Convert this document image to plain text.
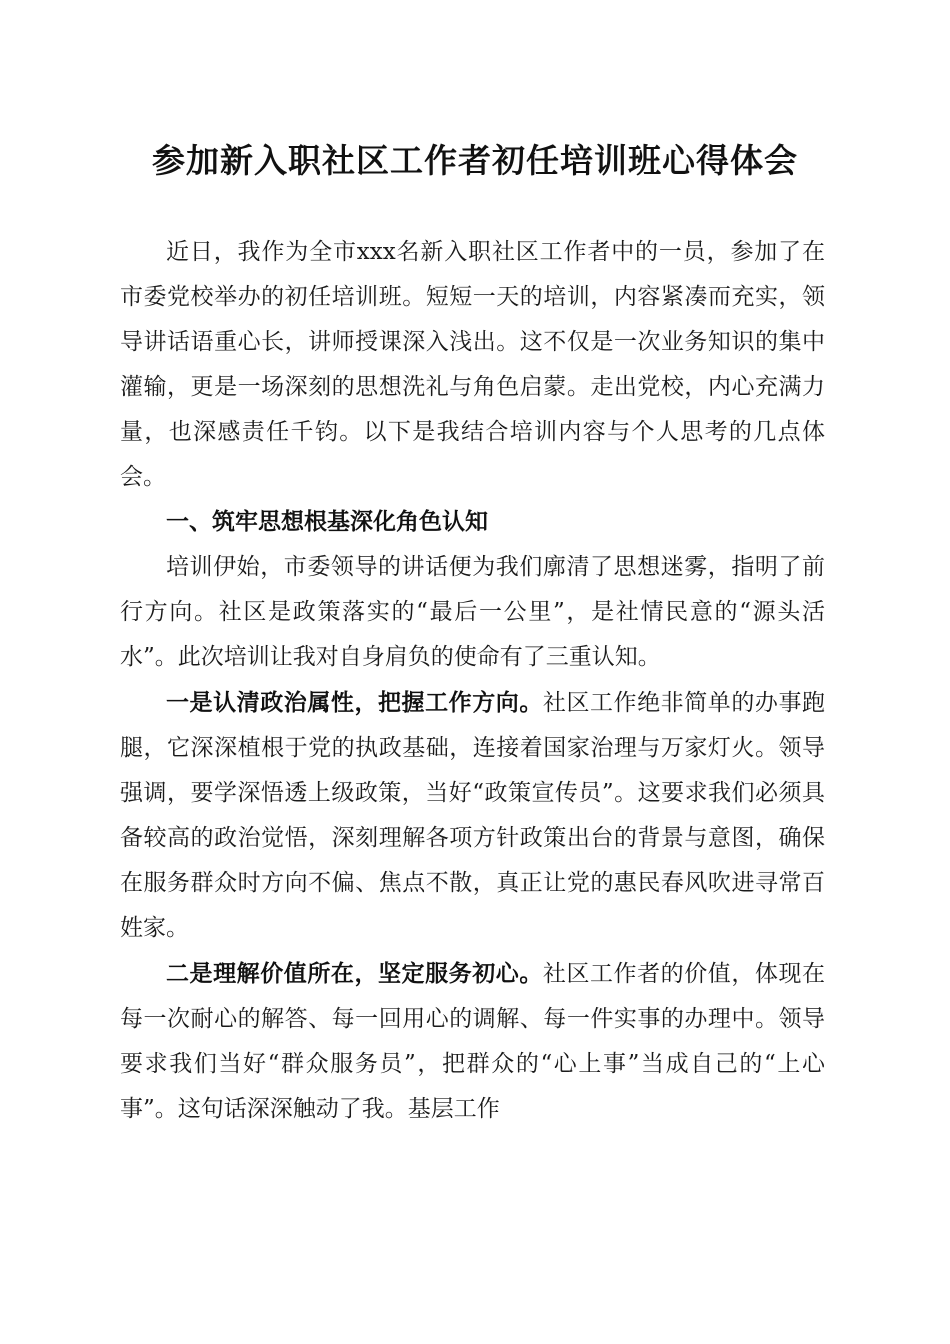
参加新入职社区工作者初任培训班心得体会

近日，我作为全市xxx名新入职社区工作者中的一员，参加了在市委党校举办的初任培训班。短短一天的培训，内容紧凑而充实，领导讲话语重心长，讲师授课深入浅出。这不仅是一次业务知识的集中灌输，更是一场深刻的思想洗礼与角色启蒙。走出党校，内心充满力量，也深感责任千钧。以下是我结合培训内容与个人思考的几点体会。

一、筑牢思想根基深化角色认知

培训伊始，市委领导的讲话便为我们廓清了思想迷雾，指明了前行方向。社区是政策落实的“最后一公里”，是社情民意的“源头活水”。此次培训让我对自身肩负的使命有了三重认知。

一是认清政治属性，把握工作方向。社区工作绝非简单的办事跑腿，它深深植根于党的执政基础，连接着国家治理与万家灯火。领导强调，要学深悟透上级政策，当好“政策宣传员”。这要求我们必须具备较高的政治觉悟，深刻理解各项方针政策出台的背景与意图，确保在服务群众时方向不偏、焦点不散，真正让党的惠民春风吹进寻常百姓家。

二是理解价值所在，坚定服务初心。社区工作者的价值，体现在每一次耐心的解答、每一回用心的调解、每一件实事的办理中。领导要求我们当好“群众服务员”，把群众的“心上事”当成自己的“上心事”。这句话深深触动了我。基层工作
